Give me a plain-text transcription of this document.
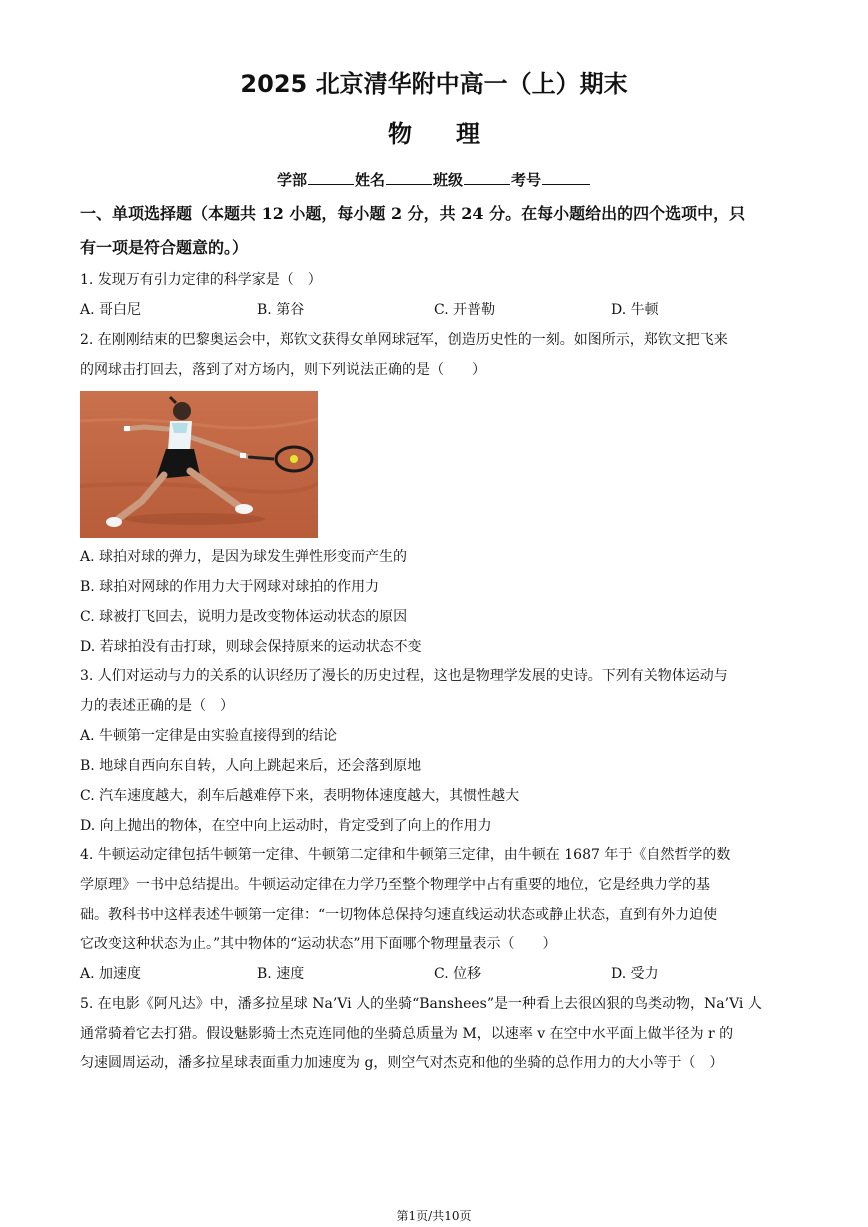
2025 北京清华附中高一（上）期末
物理
学部	姓名	班级	考号
一、单项选择题（本题共 12 小题，每小题 2 分，共 24 分。在每小题给出的四个选项中，只
有一项是符合题意的。）
1. 发现万有引力定律的科学家是（　）
A. 哥白尼	B. 第谷	C. 开普勒	D. 牛顿
2. 在刚刚结束的巴黎奥运会中，郑钦文获得女单网球冠军，创造历史性的一刻。如图所示，郑钦文把飞来
的网球击打回去，落到了对方场内，则下列说法正确的是（　　）
A. 球拍对球的弹力，是因为球发生弹性形变而产生的
B. 球拍对网球的作用力大于网球对球拍的作用力
C. 球被打飞回去，说明力是改变物体运动状态的原因
D. 若球拍没有击打球，则球会保持原来的运动状态不变
3. 人们对运动与力的关系的认识经历了漫长的历史过程，这也是物理学发展的史诗。下列有关物体运动与
力的表述正确的是（　）
A. 牛顿第一定律是由实验直接得到的结论
B. 地球自西向东自转，人向上跳起来后，还会落到原地
C. 汽车速度越大，刹车后越难停下来，表明物体速度越大，其惯性越大
D. 向上抛出的物体，在空中向上运动时，肯定受到了向上的作用力
4. 牛顿运动定律包括牛顿第一定律、牛顿第二定律和牛顿第三定律，由牛顿在 1687 年于《自然哲学的数
学原理》一书中总结提出。牛顿运动定律在力学乃至整个物理学中占有重要的地位，它是经典力学的基
础。教科书中这样表述牛顿第一定律：“一切物体总保持匀速直线运动状态或静止状态，直到有外力迫使
它改变这种状态为止。”其中物体的“运动状态”用下面哪个物理量表示（　　）
A. 加速度	B. 速度	C. 位移	D. 受力
5. 在电影《阿凡达》中，潘多拉星球 Na’Vi 人的坐骑“Banshees”是一种看上去很凶狠的鸟类动物，Na’Vi 人
通常骑着它去打猎。假设魅影骑士杰克连同他的坐骑总质量为 M，以速率 v 在空中水平面上做半径为 r 的
匀速圆周运动，潘多拉星球表面重力加速度为 g，则空气对杰克和他的坐骑的总作用力的大小等于（　）
第1页/共10页
